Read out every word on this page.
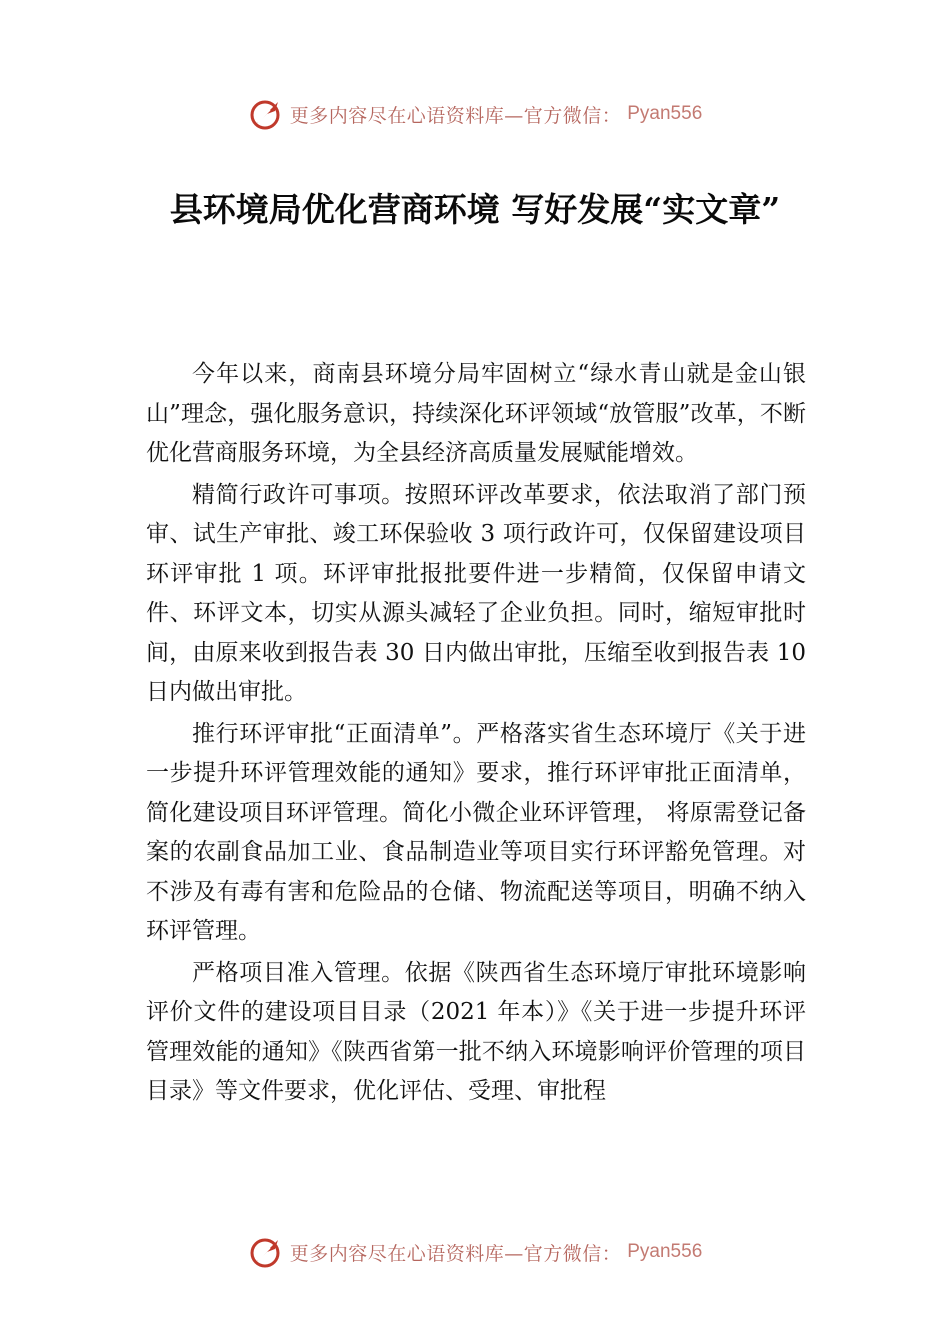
更多内容尽在心语资料库—官方微信： Pyan556
县环境局优化营商环境 写好发展“实文章”

今年以来，商南县环境分局牢固树立“绿水青山就是金山银山”理念，强化服务意识，持续深化环评领域“放管服”改革，不断优化营商服务环境，为全县经济高质量发展赋能增效。

精简行政许可事项。按照环评改革要求，依法取消了部门预审、试生产审批、竣工环保验收 3 项行政许可，仅保留建设项目环评审批 1 项。环评审批报批要件进一步精简，仅保留申请文件、环评文本，切实从源头减轻了企业负担。同时，缩短审批时间，由原来收到报告表 30 日内做出审批，压缩至收到报告表 10 日内做出审批。

推行环评审批“正面清单”。严格落实省生态环境厅《关于进一步提升环评管理效能的通知》要求，推行环评审批正面清单，简化建设项目环评管理。简化小微企业环评管理， 将原需登记备案的农副食品加工业、食品制造业等项目实行环评豁免管理。对不涉及有毒有害和危险品的仓储、物流配送等项目，明确不纳入环评管理。

严格项目准入管理。依据《陕西省生态环境厅审批环境影响评价文件的建设项目目录（2021 年本）》《关于进一步提升环评管理效能的通知》《陕西省第一批不纳入环境影响评价管理的项目目录》等文件要求，优化评估、受理、审批程

更多内容尽在心语资料库—官方微信： Pyan556
